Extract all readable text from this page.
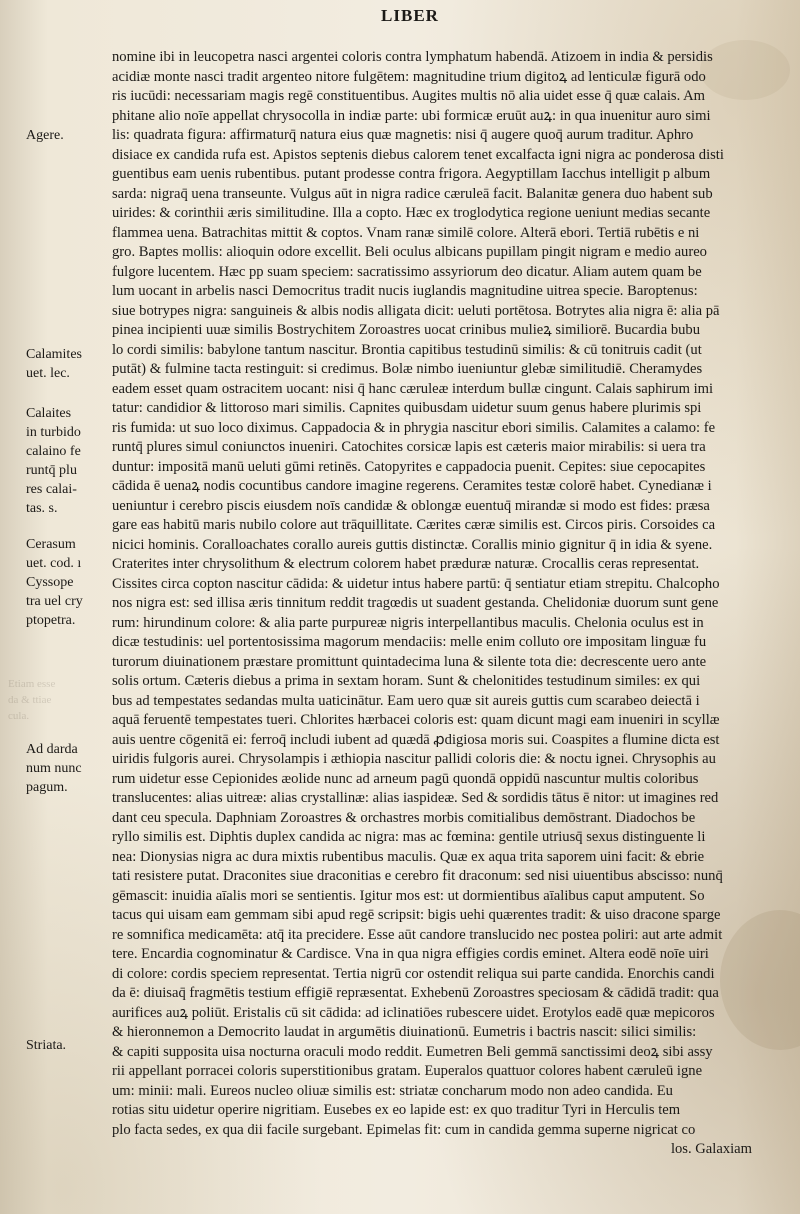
LIBER
nomine ibi in leucopetra nasci argentei coloris contra lymphatum habendā. Atizoem in india & persidis
acidiæ monte nasci tradit argenteo nitore fulgētem: magnitudine trium digitoꝝ ad lenticulæ figurā odo
ris iucūdi: necessariam magis regē constituentibus. Augites multis nō alia uidet esse q̄ quæ calais. Am
phitane alio noīe appellat chrysocolla in indiæ parte: ubi formicæ eruūt auꝝ: in qua inuenitur auro simi
lis: quadrata figura: affirmaturq̄ natura eius quæ magnetis: nisi q̄ augere quoq̄ aurum traditur. Aphro
disiace ex candida rufa est. Apistos septenis diebus calorem tenet excalfacta igni nigra ac ponderosa disti
guentibus eam uenis rubentibus. putant prodesse contra frigora. Aegyptillam Iacchus intelligit p album
sarda: nigraq̄ uena transeunte. Vulgus aūt in nigra radice cæruleā facit. Balanitæ genera duo habent sub
uirides: & corinthii æris similitudine. Illa a copto. Hæc ex troglodytica regione ueniunt medias secante
flammea uena. Batrachitas mittit & coptos. Vnam ranæ similē colore. Alterā ebori. Tertiā rubētis e ni
gro. Baptes mollis: alioquin odore excellit. Beli oculus albicans pupillam pingit nigram e medio aureo
fulgore lucentem. Hæc pp suam speciem: sacratissimo assyriorum deo dicatur. Aliam autem quam be
lum uocant in arbelis nasci Democritus tradit nucis iuglandis magnitudine uitrea specie. Baroptenus:
siue botrypes nigra: sanguineis & albis nodis alligata dicit: ueluti portētosa. Botrytes alia nigra ē: alia pā
pinea incipienti uuæ similis Bostrychitem Zoroastres uocat crinibus mulieꝝ similiorē. Bucardia bubu
lo cordi similis: babylone tantum nascitur. Brontia capitibus testudinū similis: & cū tonitruis cadit (ut
putāt) & fulmine tacta restinguit: si credimus. Bolæ nimbo iueniuntur glebæ similitudiē. Cheramydes
eadem esset quam ostracitem uocant: nisi q̄ hanc cæruleæ interdum bullæ cingunt. Calais saphirum imi
tatur: candidior & littoroso mari similis. Capnites quibusdam uidetur suum genus habere plurimis spi
ris fumida: ut suo loco diximus. Cappadocia & in phrygia nascitur ebori similis. Calamites a calamo: fe
runtq̄ plures simul coniunctos inueniri. Catochites corsicæ lapis est cæteris maior mirabilis: si uera tra
duntur: impositā manū ueluti gūmi retinēs. Catopyrites e cappadocia puenit. Cepites: siue cepocapites
cādida ē uenaꝝ nodis cocuntibus candore imagine regerens. Ceramites testæ colorē habet. Cynedianæ i
ueniuntur i cerebro piscis eiusdem noīs candidæ & oblongæ euentuq̄ mirandæ si modo est fides: præsa
gare eas habitū maris nubilo colore aut trāquillitate. Cærites cæræ similis est. Circos piris. Corsoides ca
nicici hominis. Coralloachates corallo aureis guttis distinctæ. Corallis minio gignitur q̄ in idia & syene.
Craterites inter chrysolithum & electrum colorem habet præduræ naturæ. Crocallis ceras representat.
Cissites circa copton nascitur cādida: & uidetur intus habere partū: q̄ sentiatur etiam strepitu. Chalcopho
nos nigra est: sed illisa æris tinnitum reddit tragœdis ut suadent gestanda. Chelidoniæ duorum sunt gene
rum: hirundinum colore: & alia parte purpureæ nigris interpellantibus maculis. Chelonia oculus est in
dicæ testudinis: uel portentosissima magorum mendaciis: melle enim colluto ore impositam linguæ fu
turorum diuinationem præstare promittunt quintadecima luna & silente tota die: decrescente uero ante
solis ortum. Cæteris diebus a prima in sextam horam. Sunt & chelonitides testudinum similes: ex qui
bus ad tempestates sedandas multa uaticinātur. Eam uero quæ sit aureis guttis cum scarabeo deiectā i
aquā feruentē tempestates tueri. Chlorites hærbacei coloris est: quam dicunt magi eam inueniri in scyllæ
auis uentre cōgenitā ei: ferroq̄ includi iubent ad quædā ꝓdigiosa moris sui. Coaspites a flumine dicta est
uiridis fulgoris aurei. Chrysolampis i æthiopia nascitur pallidi coloris die: & noctu ignei. Chrysophis au
rum uidetur esse Cepionides æolide nunc ad arneum pagū quondā oppidū nascuntur multis coloribus
translucentes: alias uitreæ: alias crystallinæ: alias iaspideæ. Sed & sordidis tātus ē nitor: ut imagines red
dant ceu specula. Daphniam Zoroastres & orchastres morbis comitialibus demōstrant. Diadochos be
ryllo similis est. Diphtis duplex candida ac nigra: mas ac fœmina: gentile utriusq̄ sexus distinguente li
nea: Dionysias nigra ac dura mixtis rubentibus maculis. Quæ ex aqua trita saporem uini facit: & ebrie
tati resistere putat. Draconites siue draconitias e cerebro fit draconum: sed nisi uiuentibus abscisso: nunq̄
gēmascit: inuidia aīalis mori se sentientis. Igitur mos est: ut dormientibus aīalibus caput amputent. So
tacus qui uisam eam gemmam sibi apud regē scripsit: bigis uehi quærentes tradit: & uiso dracone sparge
re somnifica medicamēta: atq̄ ita precidere. Esse aūt candore translucido nec postea poliri: aut arte admit
tere. Encardia cognominatur & Cardisce. Vna in qua nigra effigies cordis eminet. Altera eodē noīe uiri
di colore: cordis speciem representat. Tertia nigrū cor ostendit reliqua sui parte candida. Enorchis candi
da ē: diuisaq̄ fragmētis testium effigiē repræsentat. Exhebenū Zoroastres speciosam & cādidā tradit: qua
aurifices auꝝ poliūt. Eristalis cū sit cādida: ad iclinatiōes rubescere uidet. Erotylos eadē quæ mepicoros
& hieronnemon a Democrito laudat in argumētis diuinationū. Eumetris i bactris nascit: silici similis:
& capiti supposita uisa nocturna oraculi modo reddit. Eumetren Beli gemmā sanctissimi deoꝝ sibi assy
rii appellant porracei coloris superstitionibus gratam. Euperalos quattuor colores habent cæruleū igne
um: minii: mali. Eureos nucleo oliuæ similis est: striatæ concharum modo non adeo candida. Eu
rotias situ uidetur operire nigritiam. Eusebes ex eo lapide est: ex quo traditur Tyri in Herculis tem
plo facta sedes, ex qua dii facile surgebant. Epimelas fit: cum in candida gemma superne nigricat co
los. Galaxiam
Agere.
Calamites
uet. lec.
Calaites
in turbido
calaino fe
runtq̄ plu
res calai-
tas. s.
Cerasum
uet. cod. ı
Cyssope
tra uel cry
ptopetra.
Etiam esse
da & ttiae
cula.
Ad darda
num nunc
pagum.
Striata.
